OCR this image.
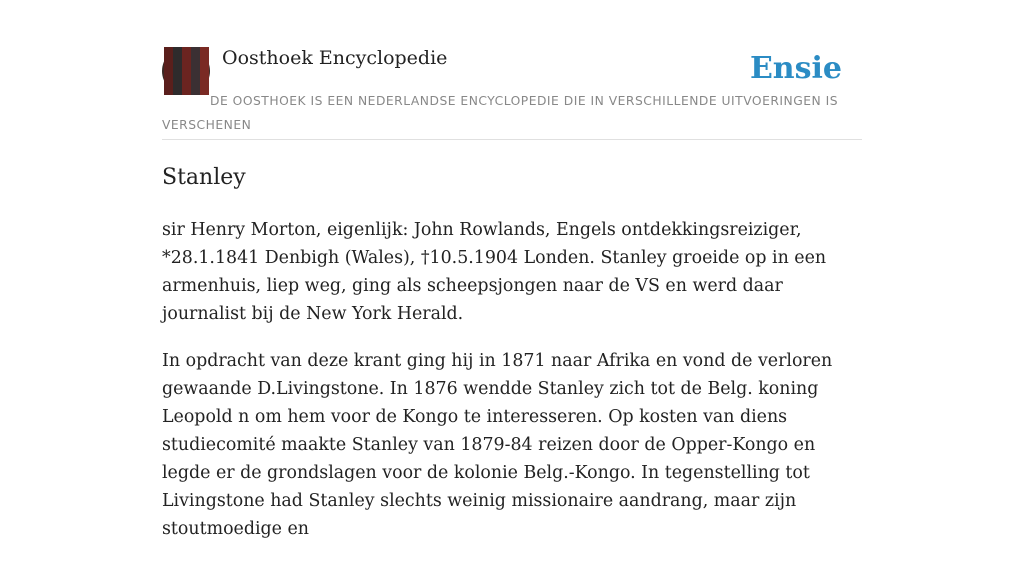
Oosthoek Encyclopedie	Ensie

DE OOSTHOEK IS EEN NEDERLANDSE ENCYCLOPEDIE DIE IN VERSCHILLENDE UITVOERINGEN IS VERSCHENEN

Stanley

sir Henry Morton, eigenlijk: John Rowlands, Engels ontdekkingsreiziger, *28.1.1841 Denbigh (Wales), †10.5.1904 Londen. Stanley groeide op in een armenhuis, liep weg, ging als scheepsjongen naar de VS en werd daar journalist bij de New York Herald.

In opdracht van deze krant ging hij in 1871 naar Afrika en vond de verloren gewaande D.Livingstone. In 1876 wendde Stanley zich tot de Belg. koning Leopold n om hem voor de Kongo te interesseren. Op kosten van diens studiecomité maakte Stanley van 1879-84 reizen door de Opper-Kongo en legde er de grondslagen voor de kolonie Belg.-Kongo. In tegenstelling tot Livingstone had Stanley slechts weinig missionaire aandrang, maar zijn stoutmoedige en
